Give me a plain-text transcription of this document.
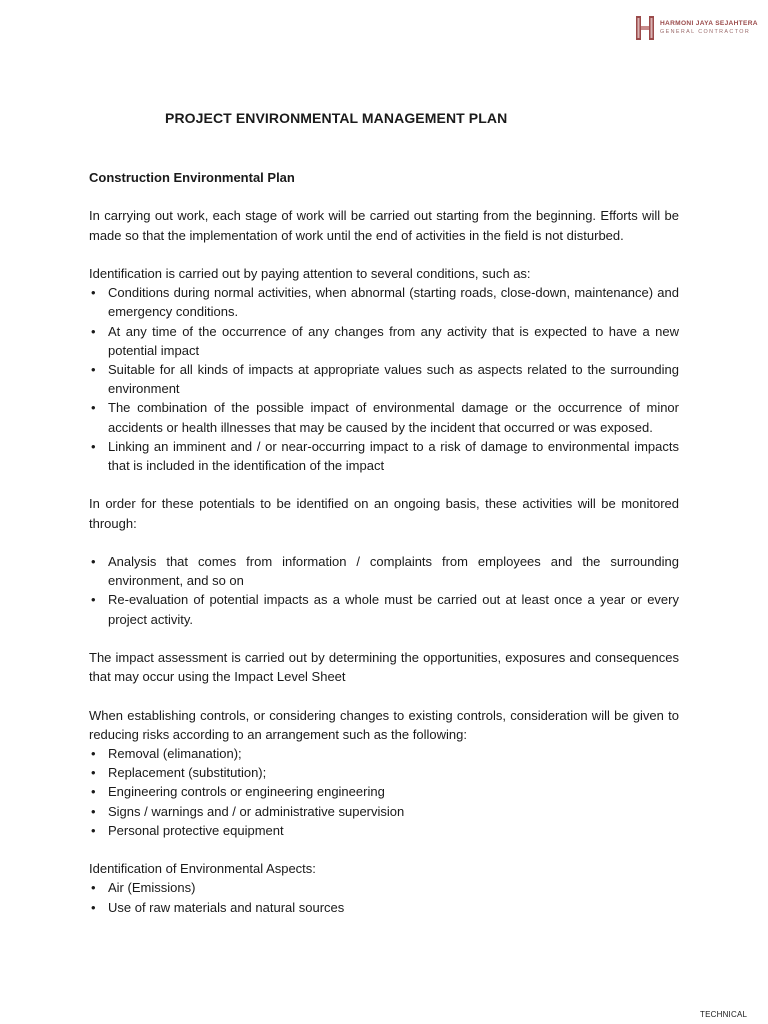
HARMONI JAYA SEJAHTERA
GENERAL CONTRACTOR
PROJECT ENVIRONMENTAL MANAGEMENT PLAN

Construction Environmental Plan

In carrying out work, each stage of work will be carried out starting from the beginning. Efforts will be made so that the implementation of work until the end of activities in the field is not disturbed.

Identification is carried out by paying attention to several conditions, such as:

• Conditions during normal activities, when abnormal (starting roads, close-down, maintenance) and emergency conditions.
• At any time of the occurrence of any changes from any activity that is expected to have a new potential impact
• Suitable for all kinds of impacts at appropriate values such as aspects related to the surrounding environment
• The combination of the possible impact of environmental damage or the occurrence of minor accidents or health illnesses that may be caused by the incident that occurred or was exposed.
• Linking an imminent and / or near-occurring impact to a risk of damage to environmental impacts that is included in the identification of the impact

In order for these potentials to be identified on an ongoing basis, these activities will be monitored through:

• Analysis that comes from information / complaints from employees and the surrounding environment, and so on
• Re-evaluation of potential impacts as a whole must be carried out at least once a year or every project activity.

The impact assessment is carried out by determining the opportunities, exposures and consequences that may occur using the Impact Level Sheet

When establishing controls, or considering changes to existing controls, consideration will be given to reducing risks according to an arrangement such as the following:

• Removal (elimanation);
• Replacement (substitution);
• Engineering controls or engineering engineering
• Signs / warnings and / or administrative supervision
• Personal protective equipment

Identification of Environmental Aspects:

• Air (Emissions)
• Use of raw materials and natural sources
TECHNICAL
